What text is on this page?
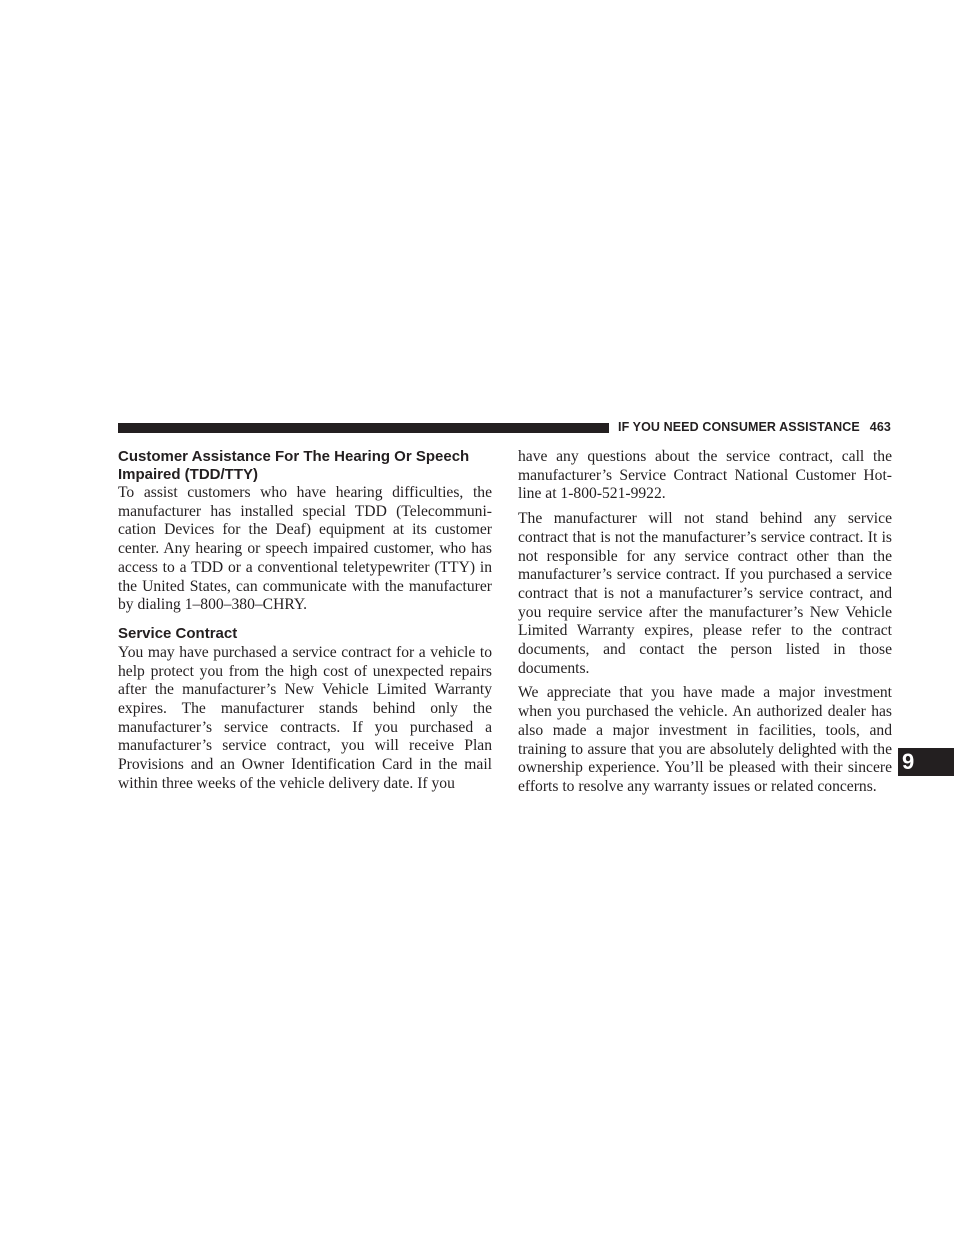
IF YOU NEED CONSUMER ASSISTANCE 463
Customer Assistance For The Hearing Or Speech Impaired (TDD/TTY)

To assist customers who have hearing difficulties, the manufacturer has installed special TDD (Telecommunication Devices for the Deaf) equipment at its customer center. Any hearing or speech impaired customer, who has access to a TDD or a conventional teletypewriter (TTY) in the United States, can communicate with the manufacturer by dialing 1–800–380–CHRY.

Service Contract

You may have purchased a service contract for a vehicle to help protect you from the high cost of unexpected repairs after the manufacturer’s New Vehicle Limited Warranty expires. The manufacturer stands behind only the manufacturer’s service contracts. If you purchased a manufacturer’s service contract, you will receive Plan Provisions and an Owner Identification Card in the mail within three weeks of the vehicle delivery date. If you

have any questions about the service contract, call the manufacturer’s Service Contract National Customer Hotline at 1-800-521-9922.

The manufacturer will not stand behind any service contract that is not the manufacturer’s service contract. It is not responsible for any service contract other than the manufacturer’s service contract. If you purchased a service contract that is not a manufacturer’s service contract, and you require service after the manufacturer’s New Vehicle Limited Warranty expires, please refer to the contract documents, and contact the person listed in those documents.

We appreciate that you have made a major investment when you purchased the vehicle. An authorized dealer has also made a major investment in facilities, tools, and training to assure that you are absolutely delighted with the ownership experience. You’ll be pleased with their sincere efforts to resolve any warranty issues or related concerns.

9
